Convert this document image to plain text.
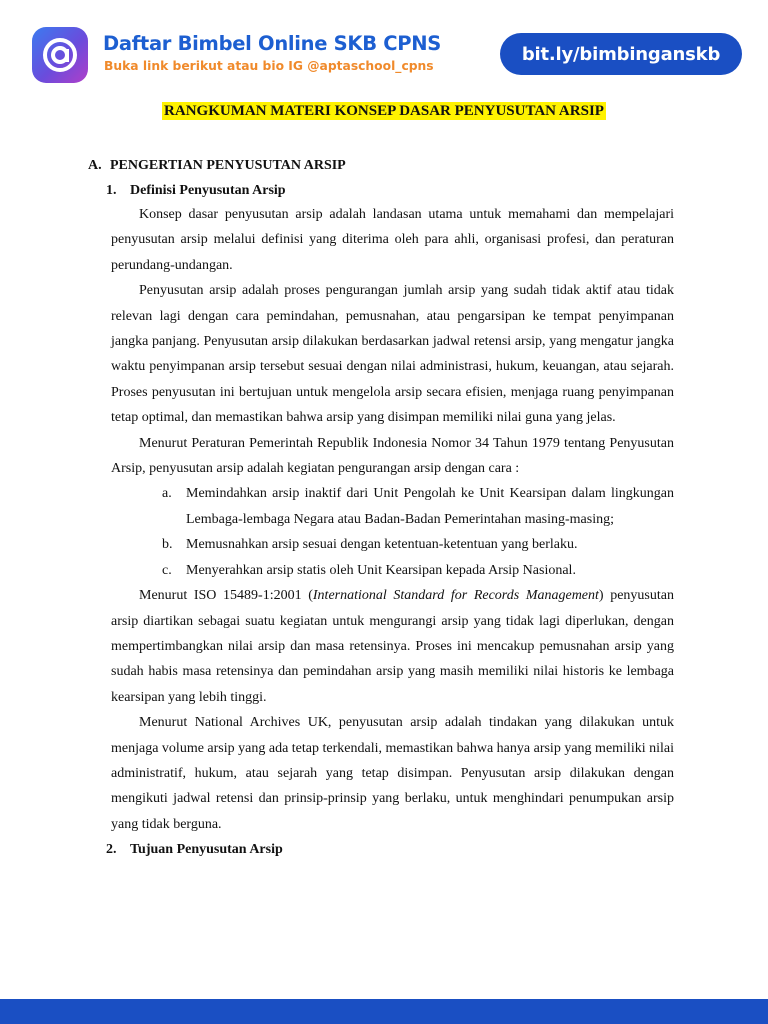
Daftar Bimbel Online SKB CPNS
Buka link berikut atau bio IG @aptaschool_cpns
bit.ly/bimbinganskb
RANGKUMAN MATERI KONSEP DASAR PENYUSUTAN ARSIP

A. PENGERTIAN PENYUSUTAN ARSIP

1. Definisi Penyusutan Arsip

Konsep dasar penyusutan arsip adalah landasan utama untuk memahami dan mempelajari penyusutan arsip melalui definisi yang diterima oleh para ahli, organisasi profesi, dan peraturan perundang-undangan.

Penyusutan arsip adalah proses pengurangan jumlah arsip yang sudah tidak aktif atau tidak relevan lagi dengan cara pemindahan, pemusnahan, atau pengarsipan ke tempat penyimpanan jangka panjang. Penyusutan arsip dilakukan berdasarkan jadwal retensi arsip, yang mengatur jangka waktu penyimpanan arsip tersebut sesuai dengan nilai administrasi, hukum, keuangan, atau sejarah. Proses penyusutan ini bertujuan untuk mengelola arsip secara efisien, menjaga ruang penyimpanan tetap optimal, dan memastikan bahwa arsip yang disimpan memiliki nilai guna yang jelas.

Menurut Peraturan Pemerintah Republik Indonesia Nomor 34 Tahun 1979 tentang Penyusutan Arsip, penyusutan arsip adalah kegiatan pengurangan arsip dengan cara :

a. Memindahkan arsip inaktif dari Unit Pengolah ke Unit Kearsipan dalam lingkungan Lembaga-lembaga Negara atau Badan-Badan Pemerintahan masing-masing;
b. Memusnahkan arsip sesuai dengan ketentuan-ketentuan yang berlaku.
c. Menyerahkan arsip statis oleh Unit Kearsipan kepada Arsip Nasional.

Menurut ISO 15489-1:2001 (International Standard for Records Management) penyusutan arsip diartikan sebagai suatu kegiatan untuk mengurangi arsip yang tidak lagi diperlukan, dengan mempertimbangkan nilai arsip dan masa retensinya. Proses ini mencakup pemusnahan arsip yang sudah habis masa retensinya dan pemindahan arsip yang masih memiliki nilai historis ke lembaga kearsipan yang lebih tinggi.

Menurut National Archives UK, penyusutan arsip adalah tindakan yang dilakukan untuk menjaga volume arsip yang ada tetap terkendali, memastikan bahwa hanya arsip yang memiliki nilai administratif, hukum, atau sejarah yang tetap disimpan. Penyusutan arsip dilakukan dengan mengikuti jadwal retensi dan prinsip-prinsip yang berlaku, untuk menghindari penumpukan arsip yang tidak berguna.

2. Tujuan Penyusutan Arsip
